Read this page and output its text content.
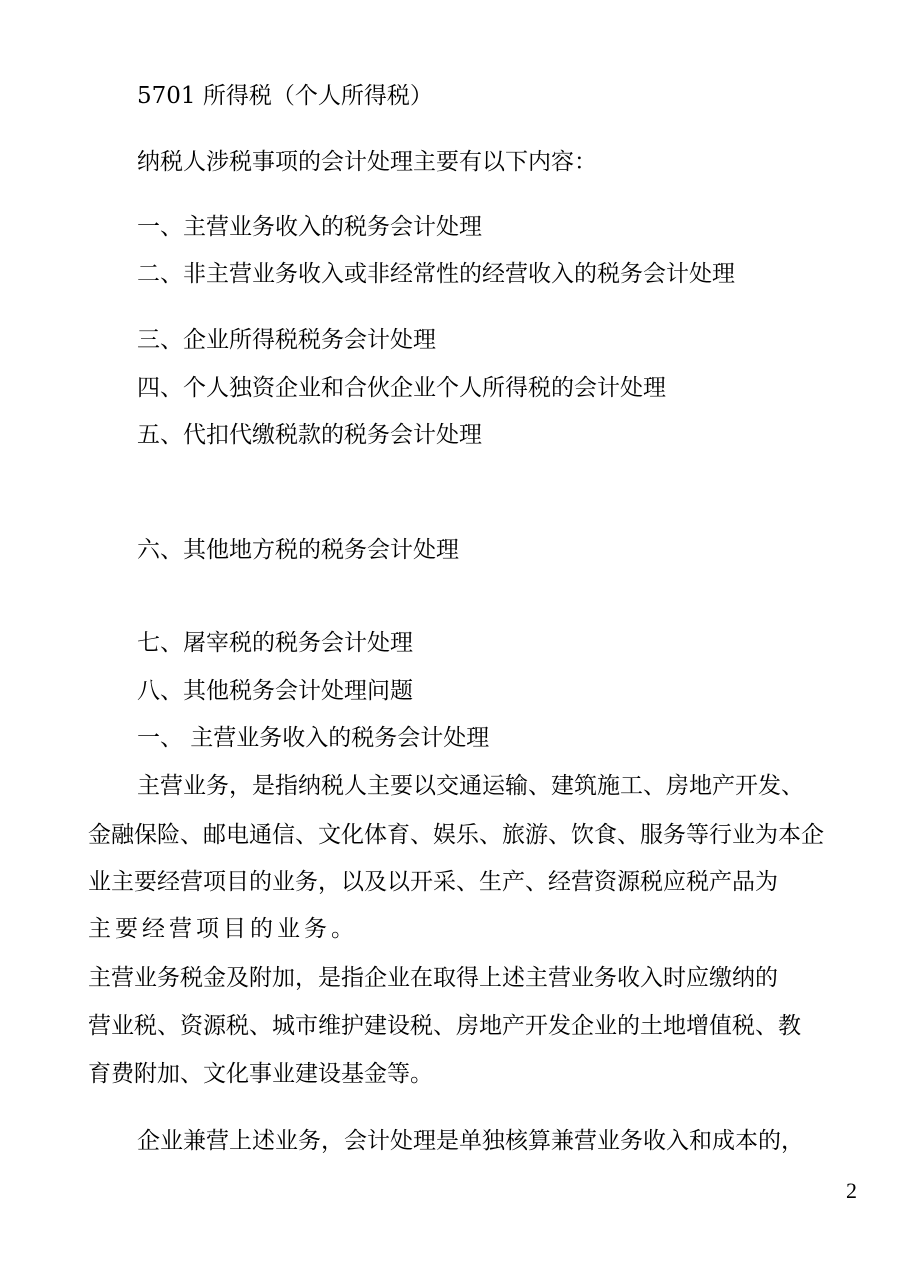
5701 所得税（个人所得税）

纳税人涉税事项的会计处理主要有以下内容：

一、主营业务收入的税务会计处理

二、非主营业务收入或非经常性的经营收入的税务会计处理

三、企业所得税税务会计处理

四、个人独资企业和合伙企业个人所得税的会计处理

五、代扣代缴税款的税务会计处理

六、其他地方税的税务会计处理

七、屠宰税的税务会计处理

八、其他税务会计处理问题

一、 主营业务收入的税务会计处理

主营业务，是指纳税人主要以交通运输、建筑施工、房地产开发、

金融保险、邮电通信、文化体育、娱乐、旅游、饮食、服务等行业为本企

业主要经营项目的业务，以及以开采、生产、经营资源税应税产品为

主要经营项目的业务。

主营业务税金及附加，是指企业在取得上述主营业务收入时应缴纳的

营业税、资源税、城市维护建设税、房地产开发企业的土地增值税、教

育费附加、文化事业建设基金等。

企业兼营上述业务，会计处理是单独核算兼营业务收入和成本的，

2
